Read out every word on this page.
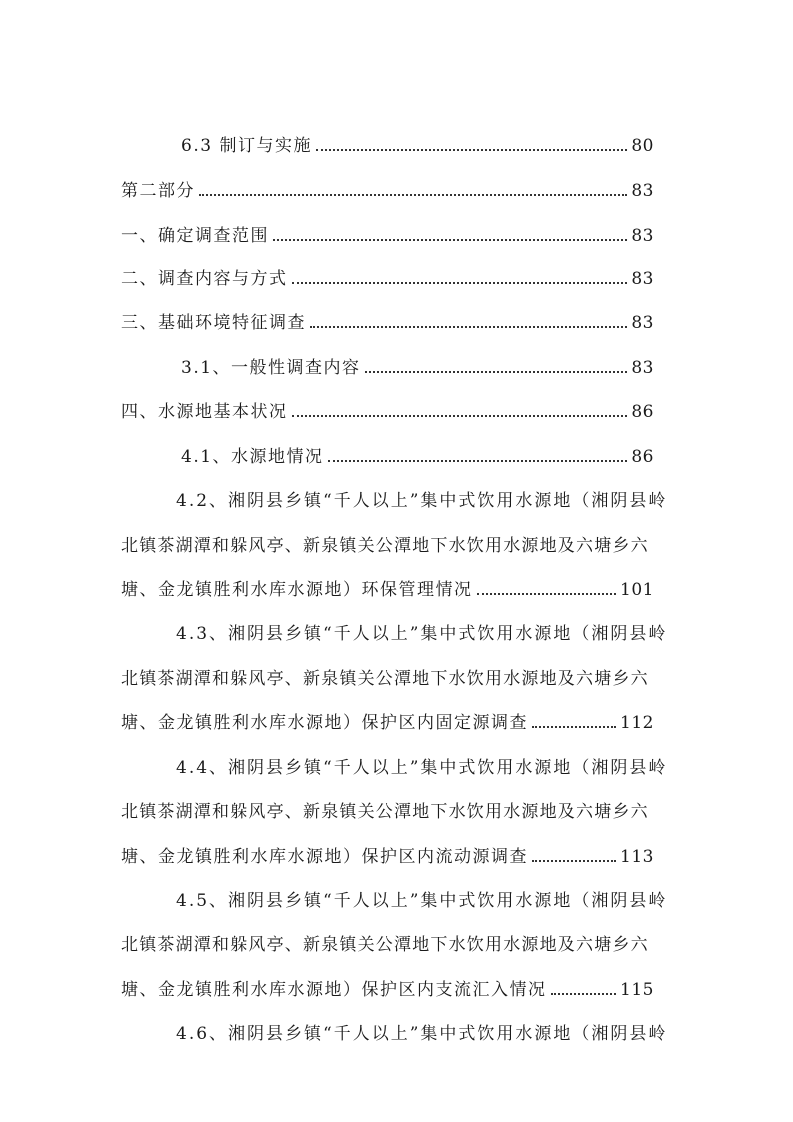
6.3 制订与实施	80
第二部分	83
一、确定调查范围	83
二、调查内容与方式	83
三、基础环境特征调查	83
3.1、一般性调查内容	83
四、水源地基本状况	86
4.1、水源地情况	86
4.2、湘阴县乡镇“千人以上”集中式饮用水源地（湘阴县岭
北镇茶湖潭和躲风亭、新泉镇关公潭地下水饮用水源地及六塘乡六
塘、金龙镇胜利水库水源地）环保管理情况	101
4.3、湘阴县乡镇“千人以上”集中式饮用水源地（湘阴县岭
北镇茶湖潭和躲风亭、新泉镇关公潭地下水饮用水源地及六塘乡六
塘、金龙镇胜利水库水源地）保护区内固定源调查	112
4.4、湘阴县乡镇“千人以上”集中式饮用水源地（湘阴县岭
北镇茶湖潭和躲风亭、新泉镇关公潭地下水饮用水源地及六塘乡六
塘、金龙镇胜利水库水源地）保护区内流动源调查	113
4.5、湘阴县乡镇“千人以上”集中式饮用水源地（湘阴县岭
北镇茶湖潭和躲风亭、新泉镇关公潭地下水饮用水源地及六塘乡六
塘、金龙镇胜利水库水源地）保护区内支流汇入情况	115
4.6、湘阴县乡镇“千人以上”集中式饮用水源地（湘阴县岭
